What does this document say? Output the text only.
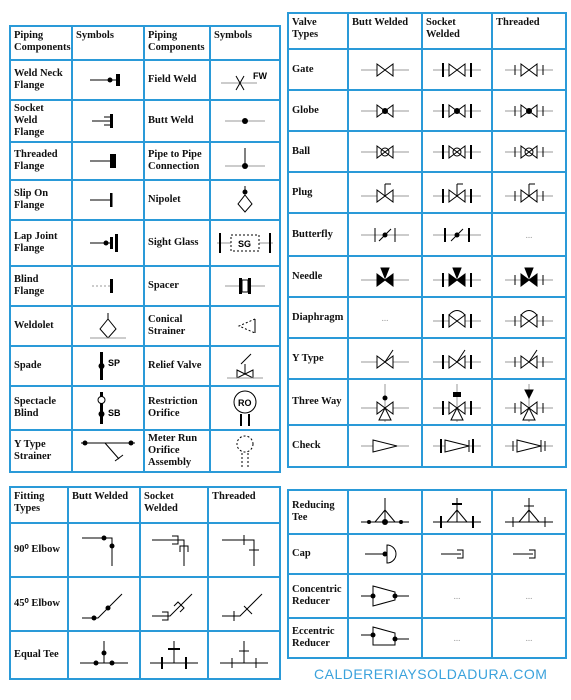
Piping Components	Symbols	Piping Components	Symbols
Weld Neck Flange		Field Weld	FW

Socket Weld Flange		Butt Weld	

Threaded Flange		Pipe to Pipe Connection	

Slip On Flange		Nipolet	

Lap Joint Flange		Sight Glass	SG

Blind Flange		Spacer	

Weldolet		Conical Strainer	

Spade	SP	Relief Valve	

Spectacle Blind	SB	Restriction Orifice	RO

Y Type Strainer		Meter Run Orifice Assembly	
Valve Types	Butt Welded	Socket Welded	Threaded
Gate	

Globe	

Ball	

Plug	

Butterfly			...
Needle	

Diaphragm	...	

Y Type	

Three Way	

Check	

Fitting Types	Butt Welded	Socket Welded	Threaded
90⁰ Elbow	

45⁰ Elbow	

Equal Tee	

Reducing Tee	

Cap	

Concentric Reducer		...	...
Eccentric Reducer		...	...
CALDERERIAYSOLDADURA.COM
